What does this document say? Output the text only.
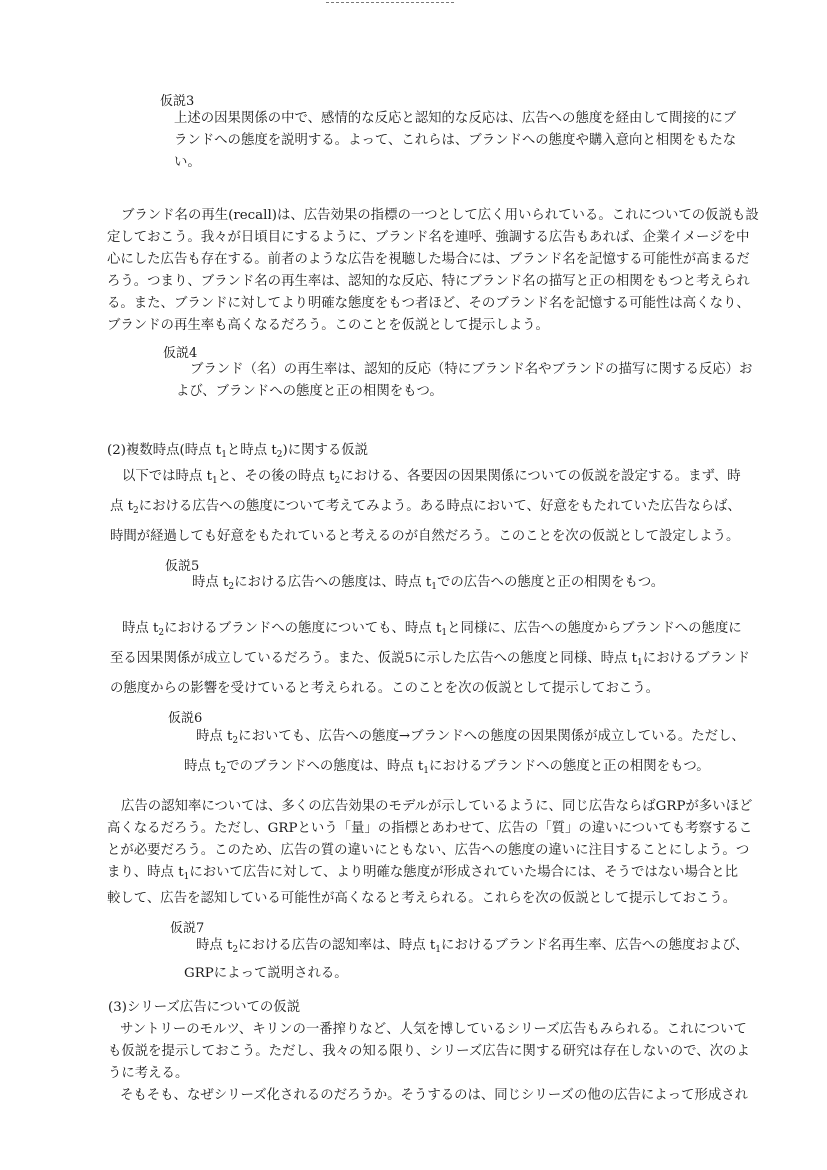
仮説3

上述の因果関係の中で、感情的な反応と認知的な反応は、広告への態度を経由して間接的にブ

ランドへの態度を説明する。よって、これらは、ブランドへの態度や購入意向と相関をもたな

い。

ブランド名の再生(recall)は、広告効果の指標の一つとして広く用いられている。これについての仮説も設

定しておこう。我々が日頃目にするように、ブランド名を連呼、強調する広告もあれば、企業イメージを中

心にした広告も存在する。前者のような広告を視聴した場合には、ブランド名を記憶する可能性が高まるだ

ろう。つまり、ブランド名の再生率は、認知的な反応、特にブランド名の描写と正の相関をもつと考えられ

る。また、ブランドに対してより明確な態度をもつ者ほど、そのブランド名を記憶する可能性は高くなり、

ブランドの再生率も高くなるだろう。このことを仮説として提示しよう。

仮説4

ブランド（名）の再生率は、認知的反応（特にブランド名やブランドの描写に関する反応）お

よび、ブランドへの態度と正の相関をもつ。

(2)複数時点(時点 $t_1$と時点 $t_2$)に関する仮説

以下では時点 $t_1$と、その後の時点 $t_2$における、各要因の因果関係についての仮説を設定する。まず、時

点 $t_2$における広告への態度について考えてみよう。ある時点において、好意をもたれていた広告ならば、

時間が経過しても好意をもたれていると考えるのが自然だろう。このことを次の仮説として設定しよう。

仮説5

時点 $t_2$における広告への態度は、時点 $t_1$での広告への態度と正の相関をもつ。

時点 $t_2$におけるブランドへの態度についても、時点 $t_1$と同様に、広告への態度からブランドへの態度に

至る因果関係が成立しているだろう。また、仮説5に示した広告への態度と同様、時点 $t_1$におけるブランド

の態度からの影響を受けていると考えられる。このことを次の仮説として提示しておこう。

仮説6

時点 $t_2$においても、広告への態度→ブランドへの態度の因果関係が成立している。ただし、

時点 $t_2$でのブランドへの態度は、時点 $t_1$におけるブランドへの態度と正の相関をもつ。

広告の認知率については、多くの広告効果のモデルが示しているように、同じ広告ならばGRPが多いほど

高くなるだろう。ただし、GRPという「量」の指標とあわせて、広告の「質」の違いについても考察するこ

とが必要だろう。このため、広告の質の違いにともない、広告への態度の違いに注目することにしよう。つ

まり、時点 $t_1$において広告に対して、より明確な態度が形成されていた場合には、そうではない場合と比

較して、広告を認知している可能性が高くなると考えられる。これらを次の仮説として提示しておこう。

仮説7

時点 $t_2$における広告の認知率は、時点 $t_1$におけるブランド名再生率、広告への態度および、

GRPによって説明される。

(3)シリーズ広告についての仮説

サントリーのモルツ、キリンの一番搾りなど、人気を博しているシリーズ広告もみられる。これについて

も仮説を提示しておこう。ただし、我々の知る限り、シリーズ広告に関する研究は存在しないので、次のよ

うに考える。

そもそも、なぜシリーズ化されるのだろうか。そうするのは、同じシリーズの他の広告によって形成され
